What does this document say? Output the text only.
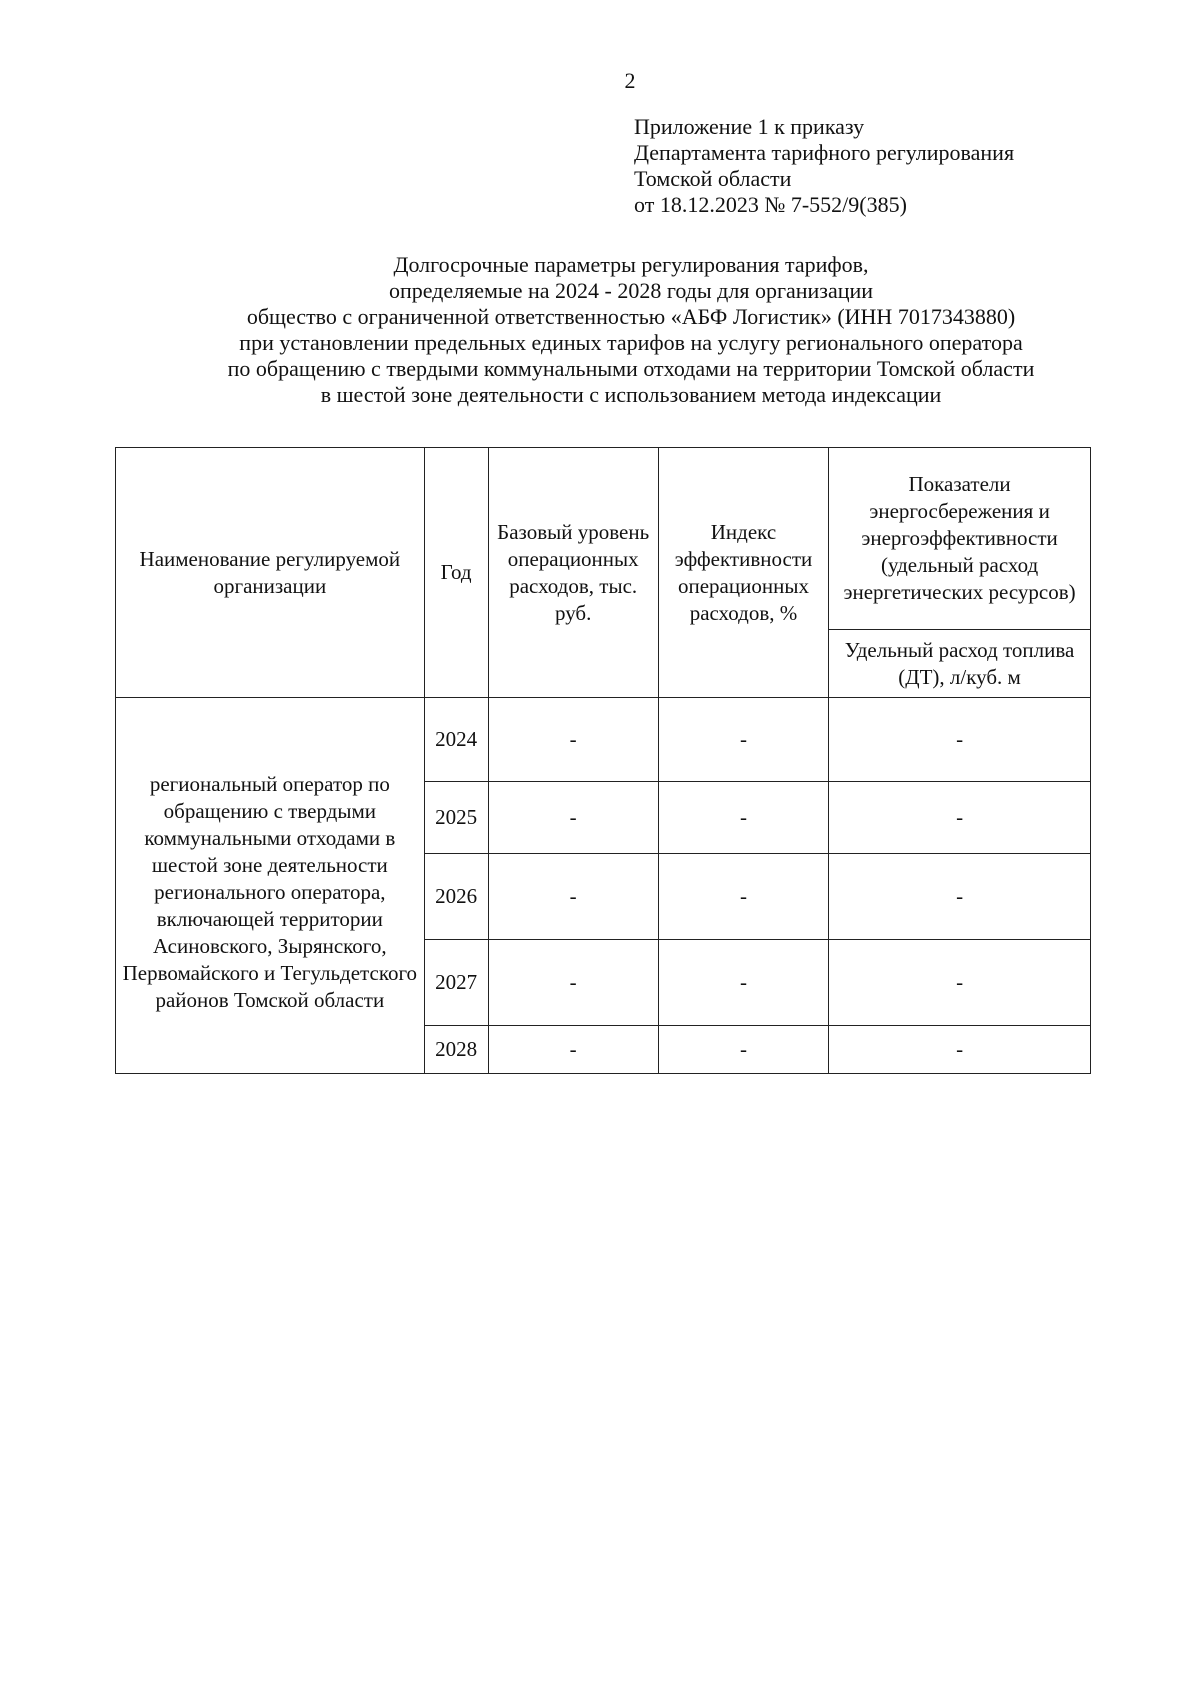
2
Приложение 1 к приказу
Департамента тарифного регулирования
Томской области
от 18.12.2023 № 7-552/9(385)
Долгосрочные параметры регулирования тарифов,
определяемые на 2024 - 2028 годы для организации
общество с ограниченной ответственностью «АБФ Логистик» (ИНН 7017343880)
при установлении предельных единых тарифов на услугу регионального оператора
по обращению с твердыми коммунальными отходами на территории Томской области
в шестой зоне деятельности с использованием метода индексации
Наименование регулируемой организации	Год	Базовый уровень операционных расходов, тыс. руб.	Индекс эффективности операционных расходов, %	Показатели энергосбережения и энергоэффективности (удельный расход энергетических ресурсов)
				Удельный расход топлива (ДТ), л/куб. м
региональный оператор по обращению с твердыми коммунальными отходами в шестой зоне деятельности регионального оператора, включающей территории Асиновского, Зырянского, Первомайского и Тегульдетского районов Томской области	2024	-	-	-
	2025	-	-	-
	2026	-	-	-
	2027	-	-	-
	2028	-	-	-
